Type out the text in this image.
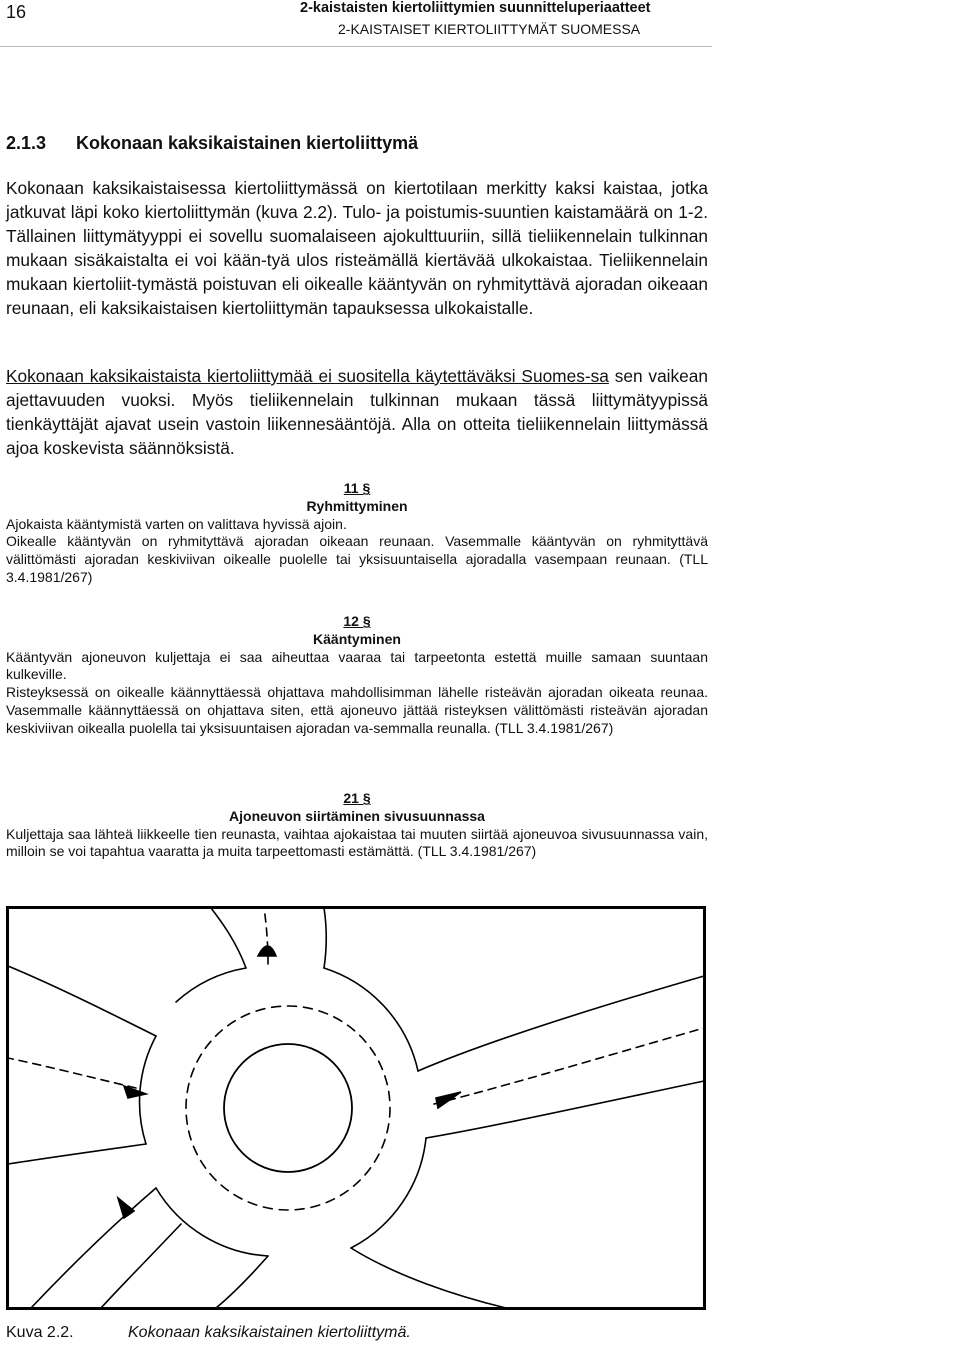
16	2-kaistaisten kiertoliittymien suunnitteluperiaatteet
2-KAISTAISET KIERTOLIITTYMÄT SUOMESSA
2.1.3 Kokonaan kaksikaistainen kiertoliittymä
Kokonaan kaksikaistaisessa kiertoliittymässä on kiertotilaan merkitty kaksi kaistaa, jotka jatkuvat läpi koko kiertoliittymän (kuva 2.2). Tulo- ja poistumis-suuntien kaistamäärä on 1-2. Tällainen liittymätyyppi ei sovellu suomalaiseen ajokulttuuriin, sillä tieliikennelain tulkinnan mukaan sisäkaistalta ei voi kään-tyä ulos risteämällä kiertävää ulkokaistaa. Tieliikennelain mukaan kiertoliit-tymästä poistuvan eli oikealle kääntyvän on ryhmityttävä ajoradan oikeaan reunaan, eli kaksikaistaisen kiertoliittymän tapauksessa ulkokaistalle.
Kokonaan kaksikaistaista kiertoliittymää ei suositella käytettäväksi Suomes-sa sen vaikean ajettavuuden vuoksi. Myös tieliikennelain tulkinnan mukaan tässä liittymätyypissä tienkäyttäjät ajavat usein vastoin liikennesääntöjä. Alla on otteita tieliikennelain liittymässä ajoa koskevista säännöksistä.
11 §
Ryhmittyminen
Ajokaista kääntymistä varten on valittava hyvissä ajoin.
Oikealle kääntyvän on ryhmityttävä ajoradan oikeaan reunaan. Vasemmalle kääntyvän on ryhmityttävä välittömästi ajoradan keskiviivan oikealle puolelle tai yksisuuntaisella ajoradalla vasempaan reunaan. (TLL 3.4.1981/267)
12 §
Kääntyminen
Kääntyvän ajoneuvon kuljettaja ei saa aiheuttaa vaaraa tai tarpeetonta estettä muille samaan suuntaan kulkeville.
Risteyksessä on oikealle käännyttäessä ohjattava mahdollisimman lähelle risteävän ajoradan oikeata reunaa. Vasemmalle käännyttäessä on ohjattava siten, että ajoneuvo jättää risteyksen välittömästi risteävän ajoradan keskiviivan oikealla puolella tai yksisuuntaisen ajoradan va-semmalla reunalla. (TLL 3.4.1981/267)
21 §
Ajoneuvon siirtäminen sivusuunnassa
Kuljettaja saa lähteä liikkeelle tien reunasta, vaihtaa ajokaistaa tai muuten siirtää ajoneuvoa sivusuunnassa vain, milloin se voi tapahtua vaaratta ja muita tarpeettomasti estämättä. (TLL 3.4.1981/267)
Kuva 2.2.	Kokonaan kaksikaistainen kiertoliittymä.
